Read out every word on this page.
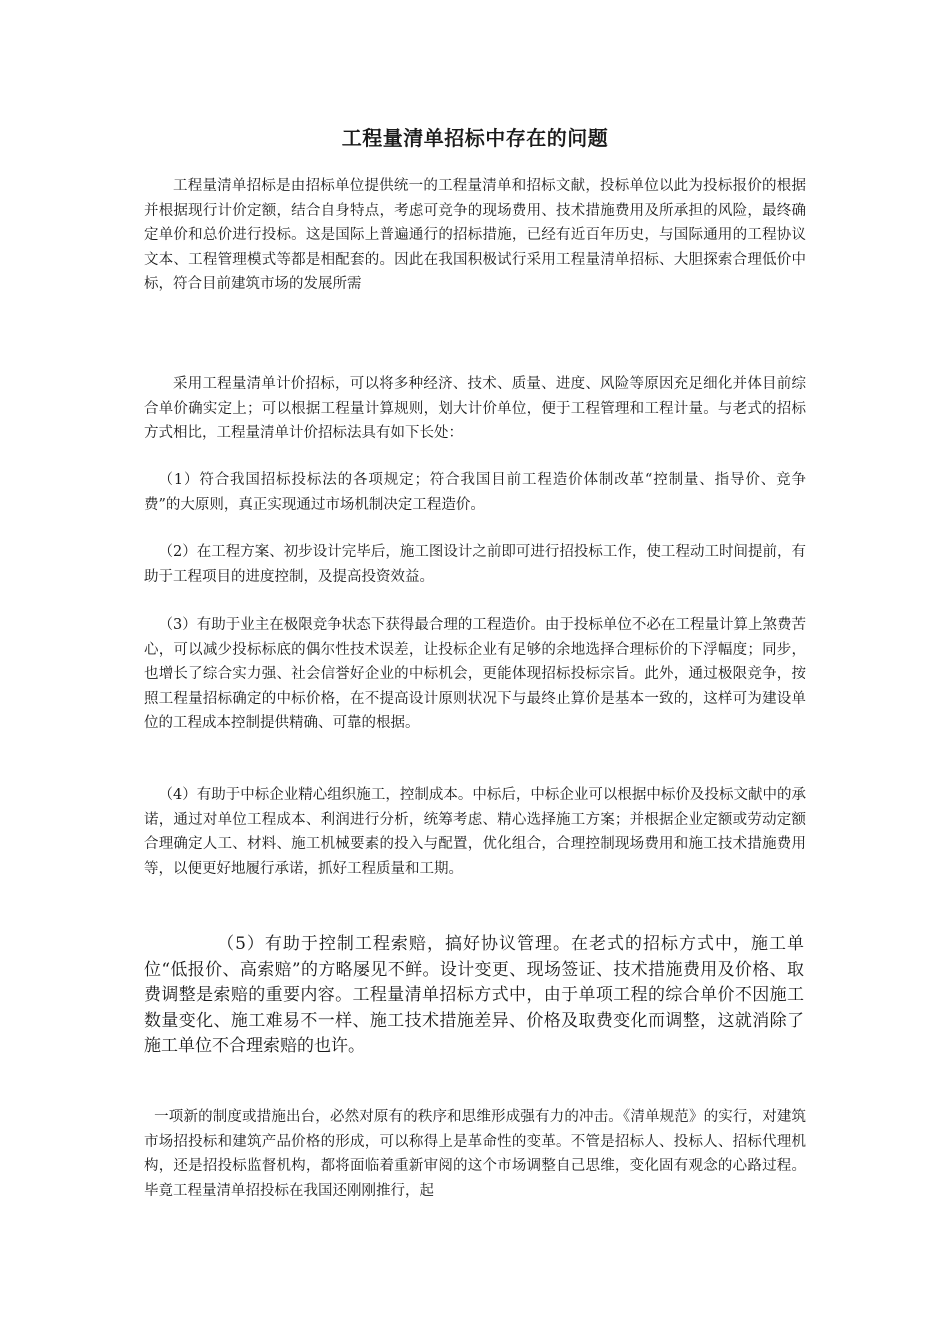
工程量清单招标中存在的问题

工程量清单招标是由招标单位提供统一的工程量清单和招标文献，投标单位以此为投标报价的根据　并根据现行计价定额，结合自身特点，考虑可竞争的现场费用、技术措施费用及所承担的风险，最终确定单价和总价进行投标。这是国际上普遍通行的招标措施，已经有近百年历史，与国际通用的工程协议文本、工程管理模式等都是相配套的。因此在我国积极试行采用工程量清单招标、大胆探索合理低价中标，符合目前建筑市场的发展所需

采用工程量清单计价招标，可以将多种经济、技术、质量、进度、风险等原因充足细化并体目前综合单价确实定上；可以根据工程量计算规则，划大计价单位，便于工程管理和工程计量。与老式的招标方式相比，工程量清单计价招标法具有如下长处：

（1）符合我国招标投标法的各项规定；符合我国目前工程造价体制改革“控制量、指导价、竞争费”的大原则，真正实现通过市场机制决定工程造价。

（2）在工程方案、初步设计完毕后，施工图设计之前即可进行招投标工作，使工程动工时间提前，有助于工程项目的进度控制，及提高投资效益。

（3）有助于业主在极限竞争状态下获得最合理的工程造价。由于投标单位不必在工程量计算上煞费苦心，可以减少投标标底的偶尔性技术误差，让投标企业有足够的余地选择合理标价的下浮幅度；同步，也增长了综合实力强、社会信誉好企业的中标机会，更能体现招标投标宗旨。此外，通过极限竞争，按照工程量招标确定的中标价格，在不提高设计原则状况下与最终止算价是基本一致的，这样可为建设单位的工程成本控制提供精确、可靠的根据。

（4）有助于中标企业精心组织施工，控制成本。中标后，中标企业可以根据中标价及投标文献中的承诺，通过对单位工程成本、利润进行分析，统筹考虑、精心选择施工方案；并根据企业定额或劳动定额合理确定人工、材料、施工机械要素的投入与配置，优化组合，合理控制现场费用和施工技术措施费用等，以便更好地履行承诺，抓好工程质量和工期。

（5）有助于控制工程索赔，搞好协议管理。在老式的招标方式中，施工单位“低报价、高索赔”的方略屡见不鲜。设计变更、现场签证、技术措施费用及价格、取费调整是索赔的重要内容。工程量清单招标方式中，由于单项工程的综合单价不因施工数量变化、施工难易不一样、施工技术措施差异、价格及取费变化而调整，这就消除了施工单位不合理索赔的也许。

一项新的制度或措施出台，必然对原有的秩序和思维形成强有力的冲击。《清单规范》的实行，对建筑市场招投标和建筑产品价格的形成，可以称得上是革命性的变革。不管是招标人、投标人、招标代理机构，还是招投标监督机构，都将面临着重新审阅的这个市场调整自己思维，变化固有观念的心路过程。毕竟工程量清单招投标在我国还刚刚推行，起
